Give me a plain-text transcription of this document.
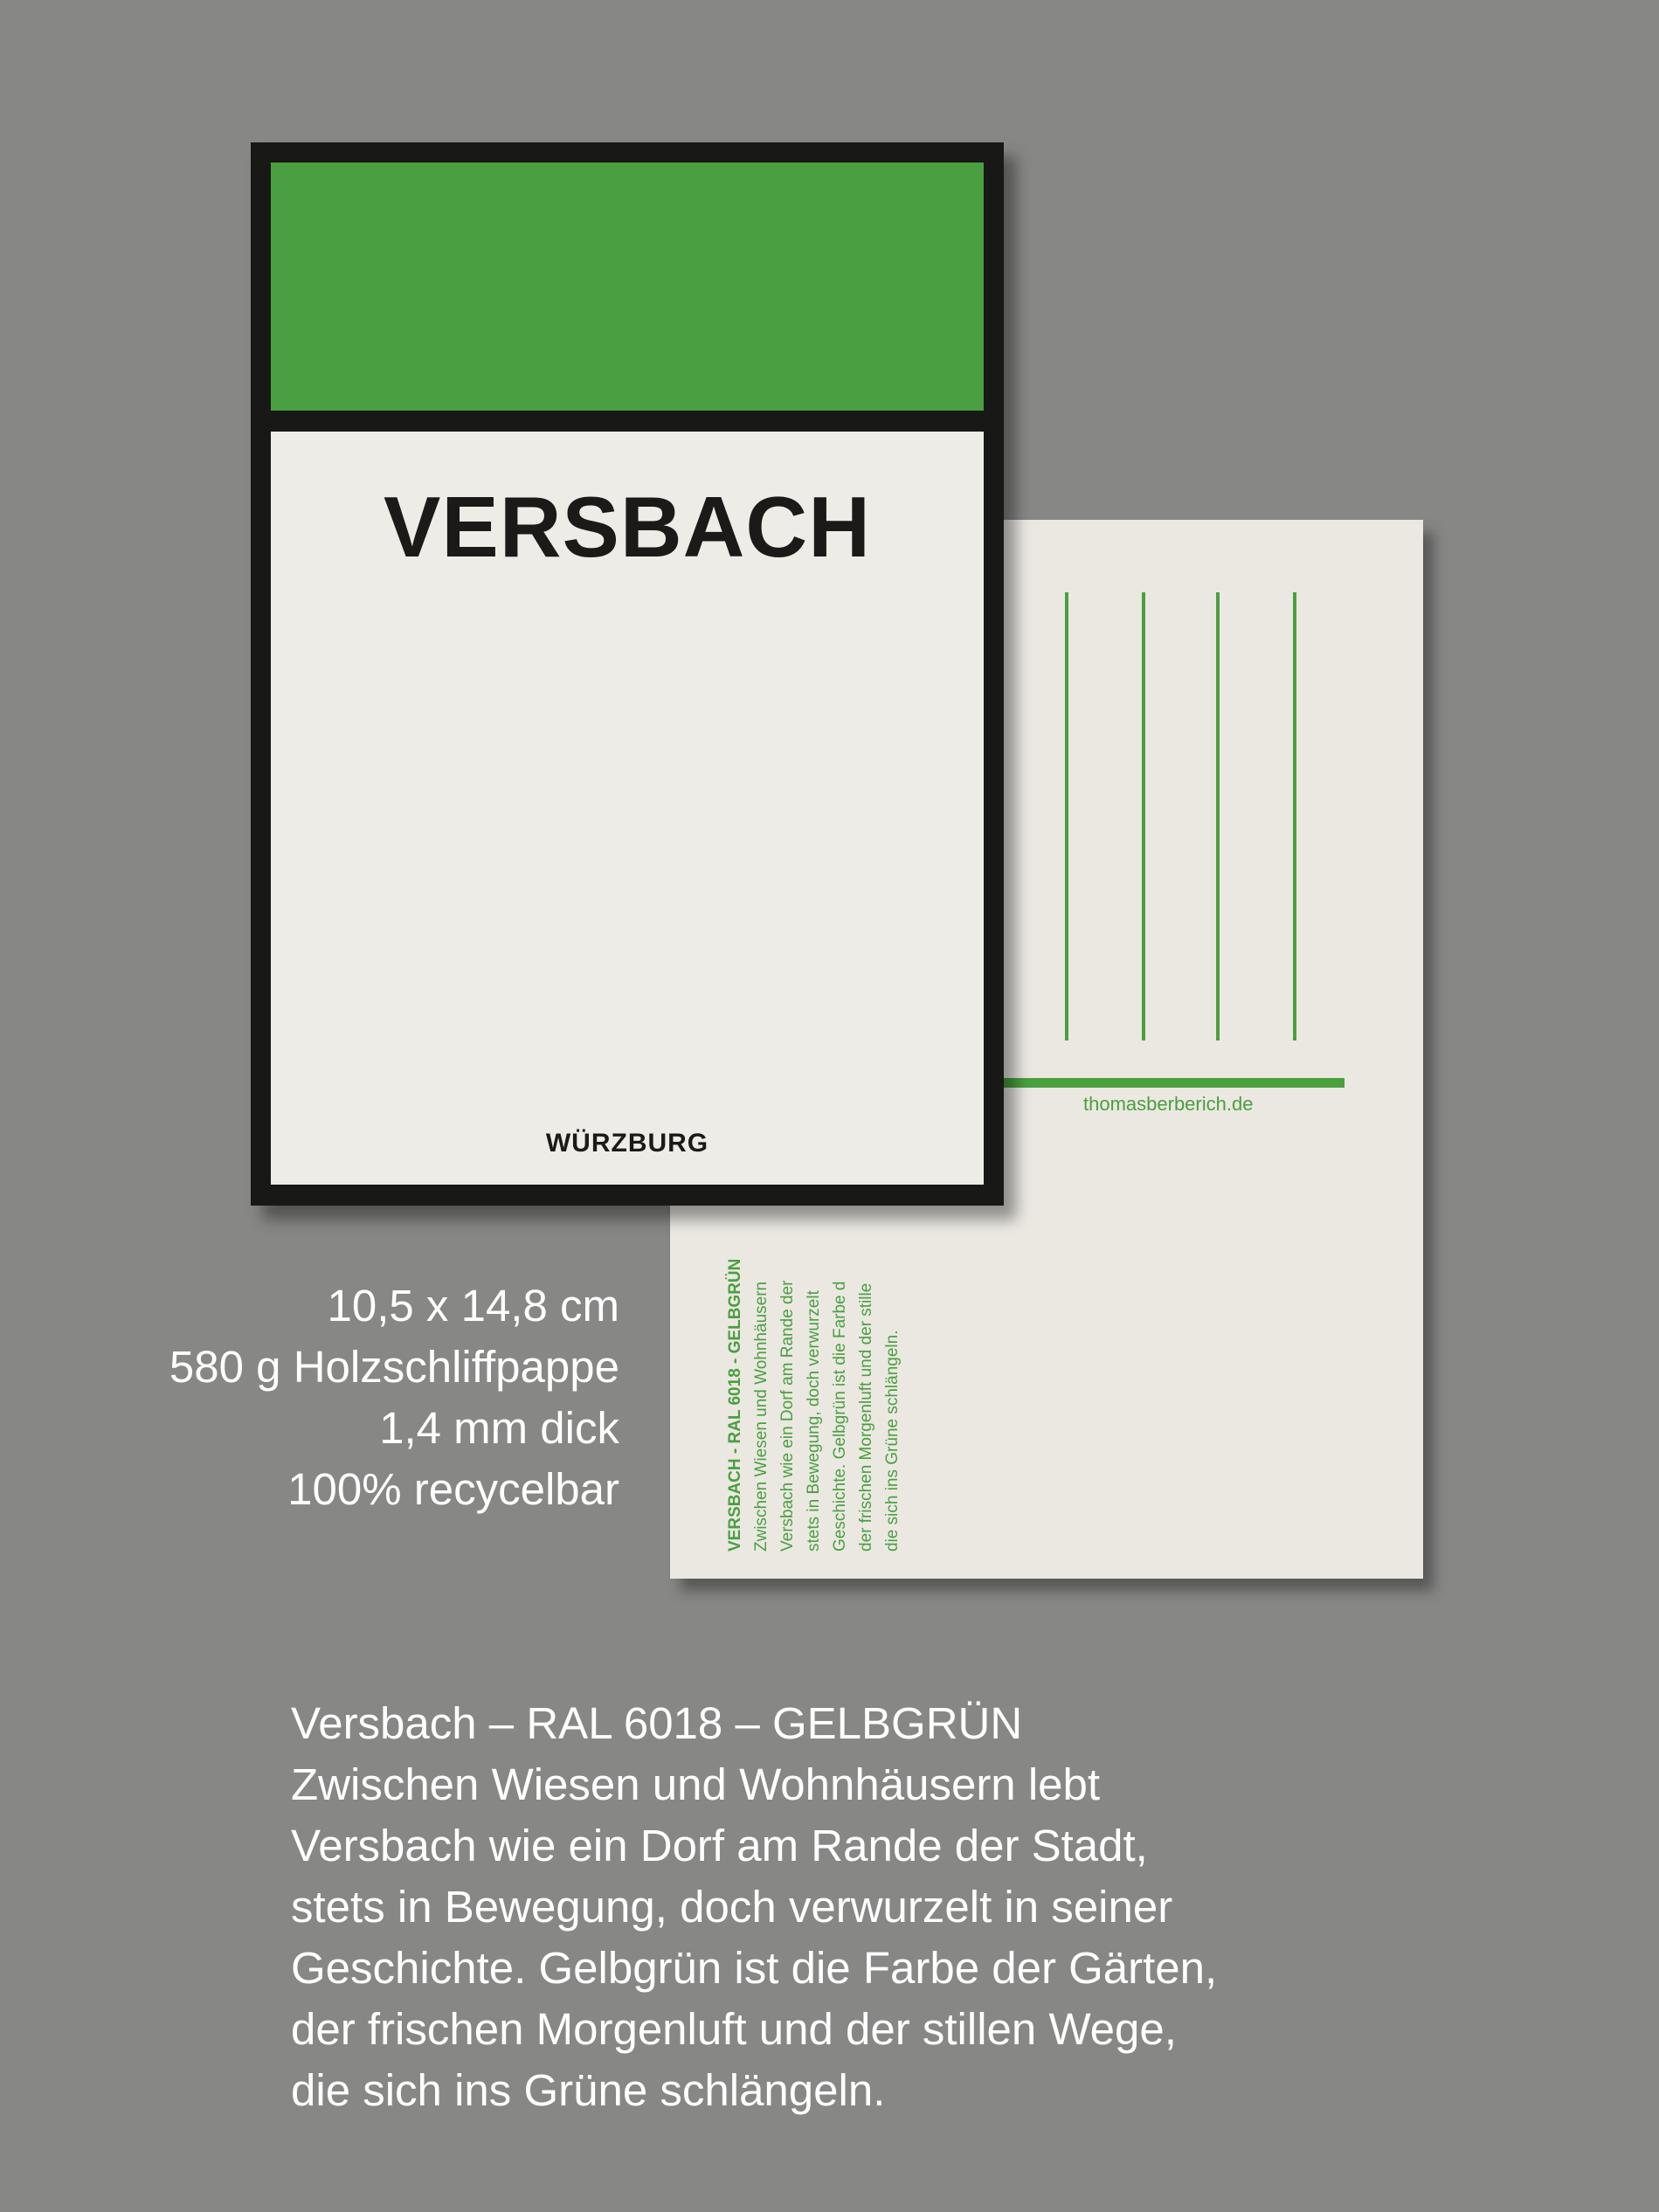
thomasberberich.de
VERSBACH - RAL 6018 - GELBGRÜN Zwischen Wiesen und Wohnhäusern Versbach wie ein Dorf am Rande der stets in Bewegung, doch verwurzelt Geschichte. Gelbgrün ist die Farbe d der frischen Morgenluft und der stille die sich ins Grüne schlängeln.
VERSBACH
WÜRZBURG
10,5 x 14,8 cm
580 g Holzschliffpappe
1,4 mm dick
100% recycelbar
Versbach – RAL 6018 – GELBGRÜN
Zwischen Wiesen und Wohnhäusern lebt
Versbach wie ein Dorf am Rande der Stadt,
stets in Bewegung, doch verwurzelt in seiner
Geschichte. Gelbgrün ist die Farbe der Gärten,
der frischen Morgenluft und der stillen Wege,
die sich ins Grüne schlängeln.
